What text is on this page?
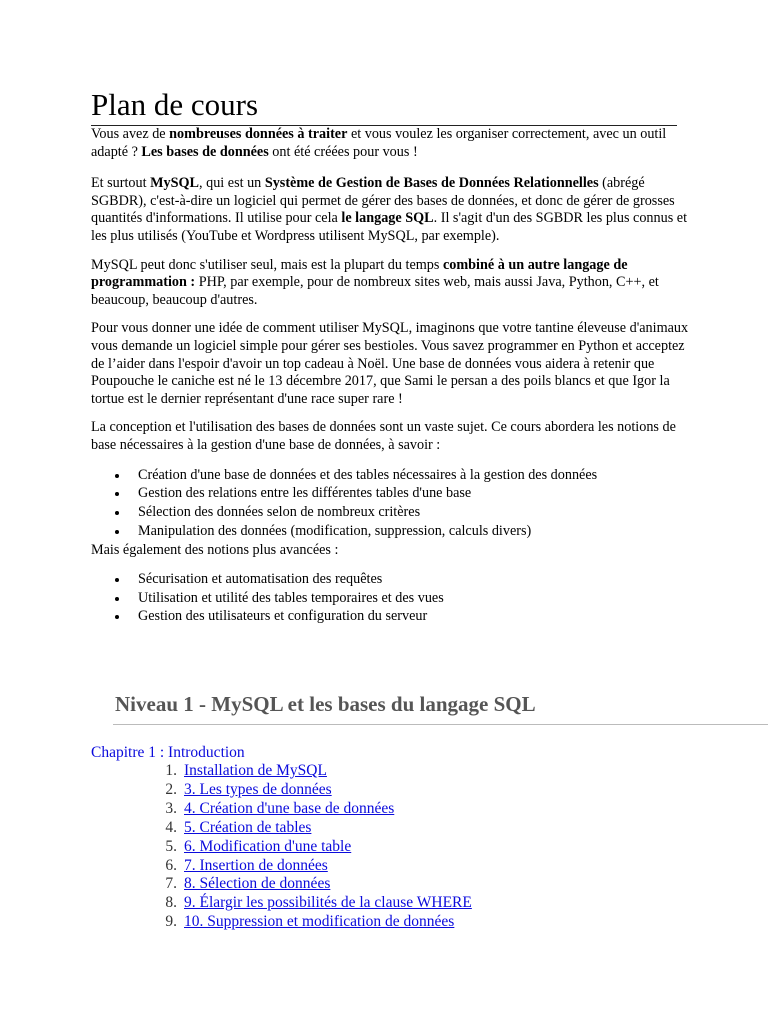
Plan de cours

Vous avez de nombreuses données à traiter et vous voulez les organiser correctement, avec un outil adapté ? Les bases de données ont été créées pour vous !

Et surtout MySQL, qui est un Système de Gestion de Bases de Données Relationnelles (abrégé SGBDR), c'est-à-dire un logiciel qui permet de gérer des bases de données, et donc de gérer de grosses quantités d'informations. Il utilise pour cela le langage SQL. Il s'agit d'un des SGBDR les plus connus et les plus utilisés (YouTube et Wordpress utilisent MySQL, par exemple).

MySQL peut donc s'utiliser seul, mais est la plupart du temps combiné à un autre langage de programmation : PHP, par exemple, pour de nombreux sites web, mais aussi Java, Python, C++, et beaucoup, beaucoup d'autres.

Pour vous donner une idée de comment utiliser MySQL, imaginons que votre tantine éleveuse d'animaux vous demande un logiciel simple pour gérer ses bestioles. Vous savez programmer en Python et acceptez de l’aider dans l'espoir d'avoir un top cadeau à Noël. Une base de données vous aidera à retenir que Poupouche le caniche est né le 13 décembre 2017, que Sami le persan a des poils blancs et que Igor la tortue est le dernier représentant d'une race super rare !

La conception et l'utilisation des bases de données sont un vaste sujet. Ce cours abordera les notions de base nécessaires à la gestion d'une base de données, à savoir :

Création d'une base de données et des tables nécessaires à la gestion des données
Gestion des relations entre les différentes tables d'une base
Sélection des données selon de nombreux critères
Manipulation des données (modification, suppression, calculs divers)

Mais également des notions plus avancées :

Sécurisation et automatisation des requêtes
Utilisation et utilité des tables temporaires et des vues
Gestion des utilisateurs et configuration du serveur
Niveau 1 - MySQL et les bases du langage SQL
Chapitre 1 : Introduction
1. Installation de MySQL
2. 3. Les types de données
3. 4. Création d'une base de données
4. 5. Création de tables
5. 6. Modification d'une table
6. 7. Insertion de données
7. 8. Sélection de données
8. 9. Élargir les possibilités de la clause WHERE
9. 10. Suppression et modification de données
